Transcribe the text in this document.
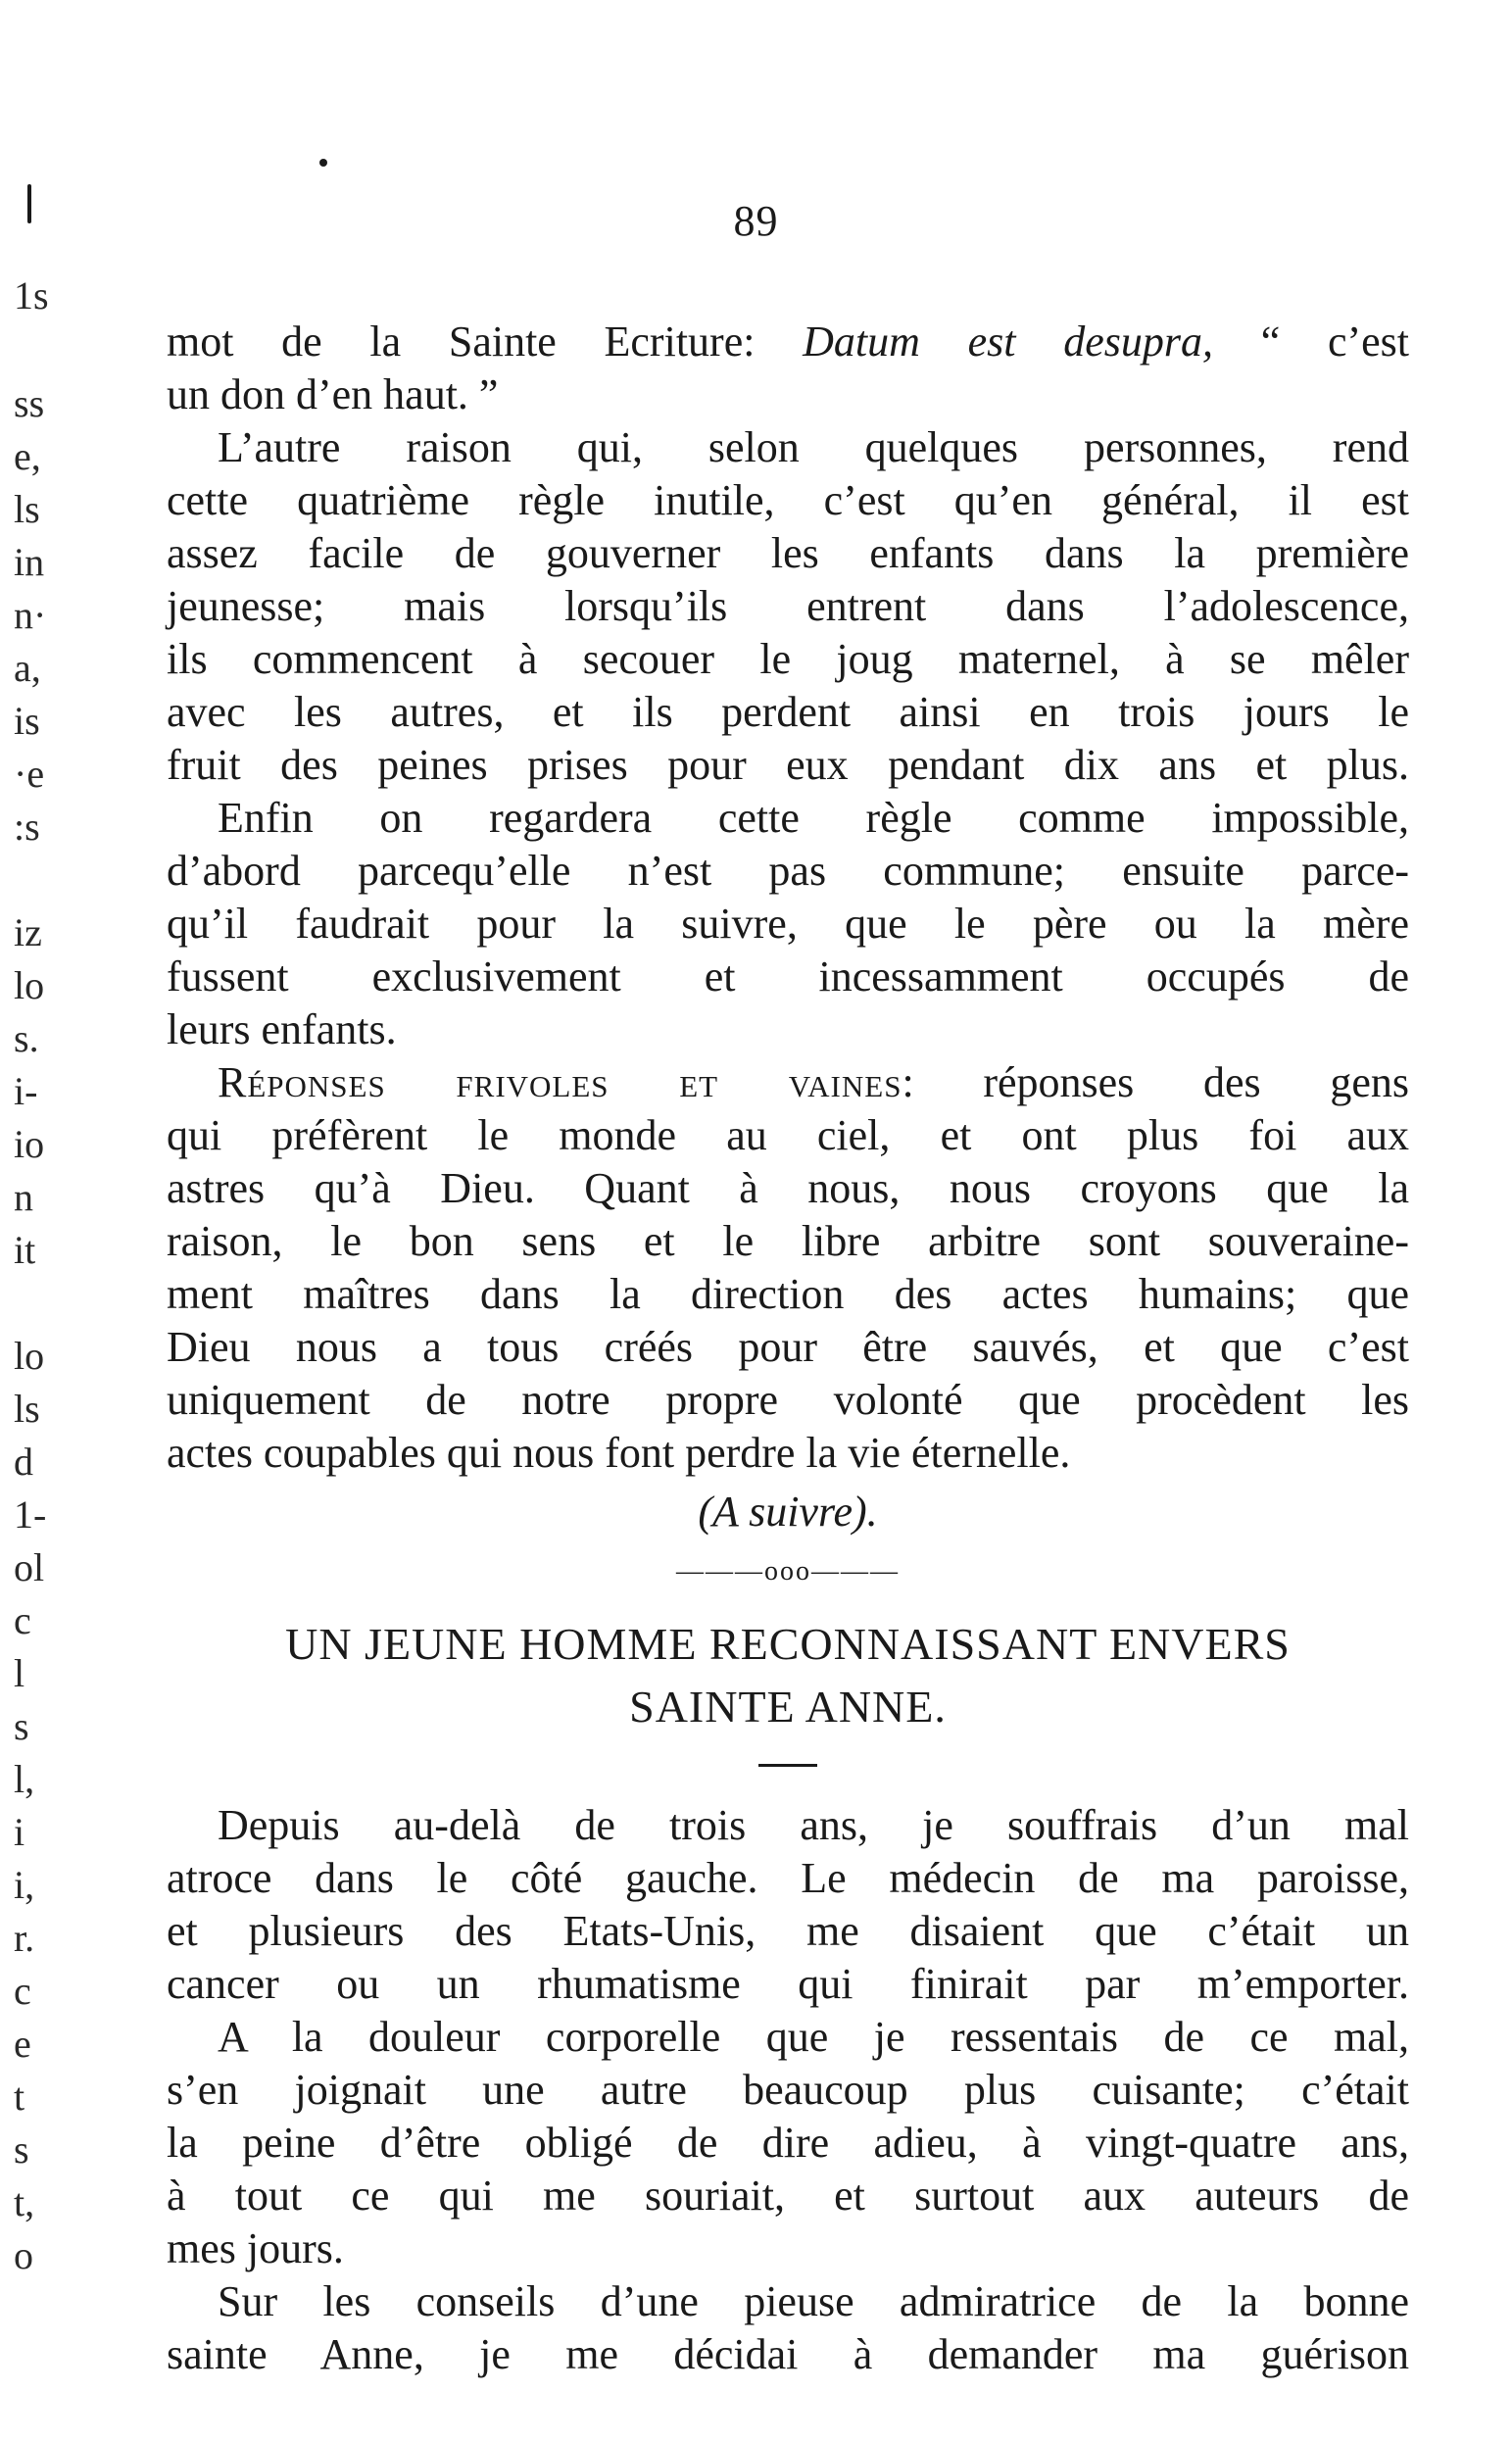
89
1s
ss
e,
ls
in
n·
a,
is
·e
:s
iz
lo
s.
i-
io
n
it
lo
ls
d
1-
ol
c
l
s
l,
i
i,
r.
c
e
t
s
t,
o
mot de la Sainte Ecriture: Datum est desupra, “ c’est
un don d’en haut. ”
L’autre raison qui, selon quelques personnes, rend
cette quatrième règle inutile, c’est qu’en général, il est
assez facile de gouverner les enfants dans la première
jeunesse; mais lorsqu’ils entrent dans l’adolescence,
ils commencent à secouer le joug maternel, à se mêler
avec les autres, et ils perdent ainsi en trois jours le
fruit des peines prises pour eux pendant dix ans et plus.
Enfin on regardera cette règle comme impossible,
d’abord parcequ’elle n’est pas commune; ensuite parce-
qu’il faudrait pour la suivre, que le père ou la mère
fussent exclusivement et incessamment occupés de
leurs enfants.
Réponses frivoles et vaines: réponses des gens
qui préfèrent le monde au ciel, et ont plus foi aux
astres qu’à Dieu. Quant à nous, nous croyons que la
raison, le bon sens et le libre arbitre sont souveraine-
ment maîtres dans la direction des actes humains; que
Dieu nous a tous créés pour être sauvés, et que c’est
uniquement de notre propre volonté que procèdent les
actes coupables qui nous font perdre la vie éternelle.
(A suivre).
———ooo———
UN JEUNE HOMME RECONNAISSANT ENVERS
SAINTE ANNE.
Depuis au-delà de trois ans, je souffrais d’un mal
atroce dans le côté gauche. Le médecin de ma paroisse,
et plusieurs des Etats-Unis, me disaient que c’était un
cancer ou un rhumatisme qui finirait par m’emporter.
A la douleur corporelle que je ressentais de ce mal,
s’en joignait une autre beaucoup plus cuisante; c’était
la peine d’être obligé de dire adieu, à vingt-quatre ans,
à tout ce qui me souriait, et surtout aux auteurs de
mes jours.
Sur les conseils d’une pieuse admiratrice de la bonne
sainte Anne, je me décidai à demander ma guérison
